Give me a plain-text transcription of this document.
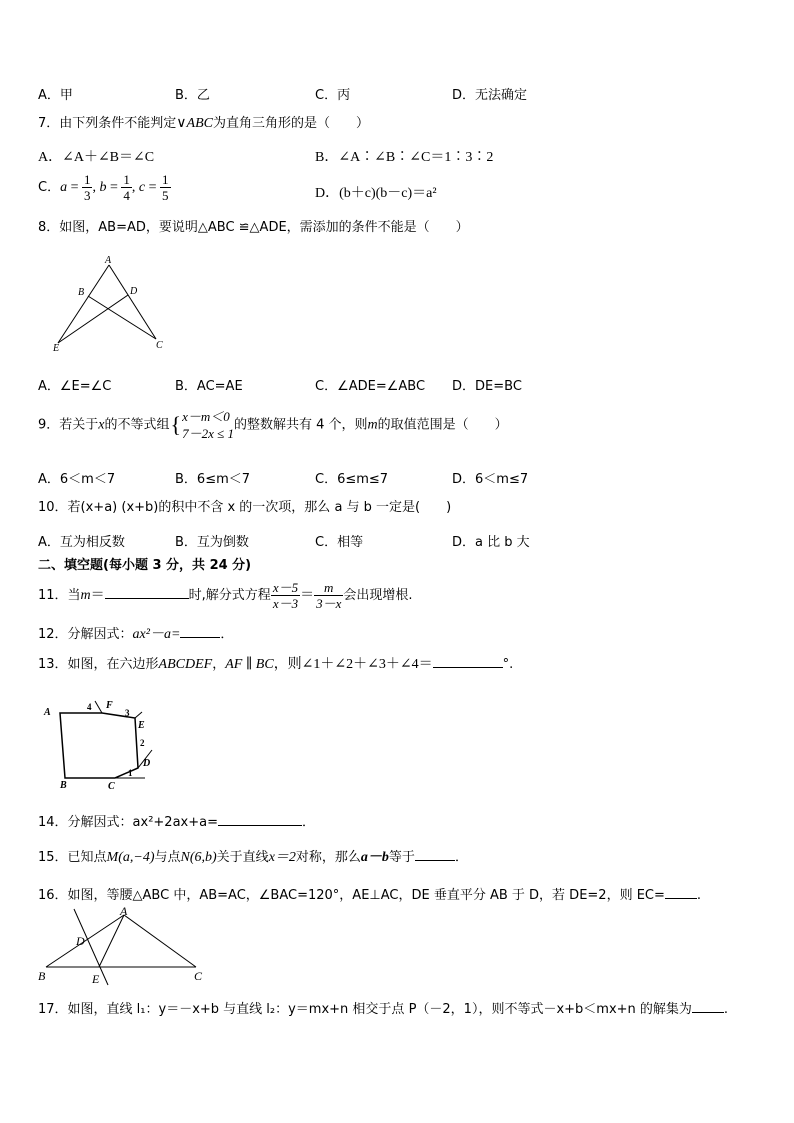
A．甲	B．乙	C．丙	D．无法确定
7．由下列条件不能判定∨ABC为直角三角形的是（　　）
A．∠A＋∠B＝∠C	B．∠A∶∠B∶∠C＝1∶3∶2
C．$a = \frac{1}{3}$ , $b = \frac{1}{4}$ , $c = \frac{1}{5}$	D．(b＋c)(b－c)＝a²
8．如图，AB=AD，要说明△ABC ≌△ADE，需添加的条件不能是（　　）
A
B	D
E	C
A．∠E=∠C	B．AC=AE	C．∠ADE=∠ABC D．DE=BC
9．若关于x的不等式组{ x－m＜0
7－2x ≤ 1
的整数解共有 4 个，则m的取值范围是（　　）
A．6＜m＜7	B．6≤m＜7	C．6≤m≤7	D．6＜m≤7
10．若(x+a) (x+b)的积中不含 x 的一次项，那么 a 与 b 一定是(　　)
A．互为相反数	B．互为倒数	C．相等	D．a 比 b 大
二、填空题(每小题 3 分，共 24 分)
11．当m＝	时,解分式方程 $\frac{x-5}{x-3} = \frac{m}{3-x}$ 会出现增根.
12．分解因式：ax²－a=	．
13．如图，在六边形ABCDEF，AF ∥ BC，则∠1＋∠2＋∠3＋∠4＝	°.
A
F
E
D
C
B
4
3
2
1
14．分解因式：ax²+2ax+a=	．
15．已知点M(a,−4)与点N(6,b)关于直线x＝2对称，那么a－b等于	．
16．如图，等腰△ABC 中，AB=AC，∠BAC=120°，AE⊥AC，DE 垂直平分 AB 于 D，若 DE=2，则 EC= .
A
D
B	E	C
17．如图，直线 l₁：y＝－x+b 与直线 l₂：y＝mx+n 相交于点 P（－2，1），则不等式－x+b＜mx+n 的解集为 .
